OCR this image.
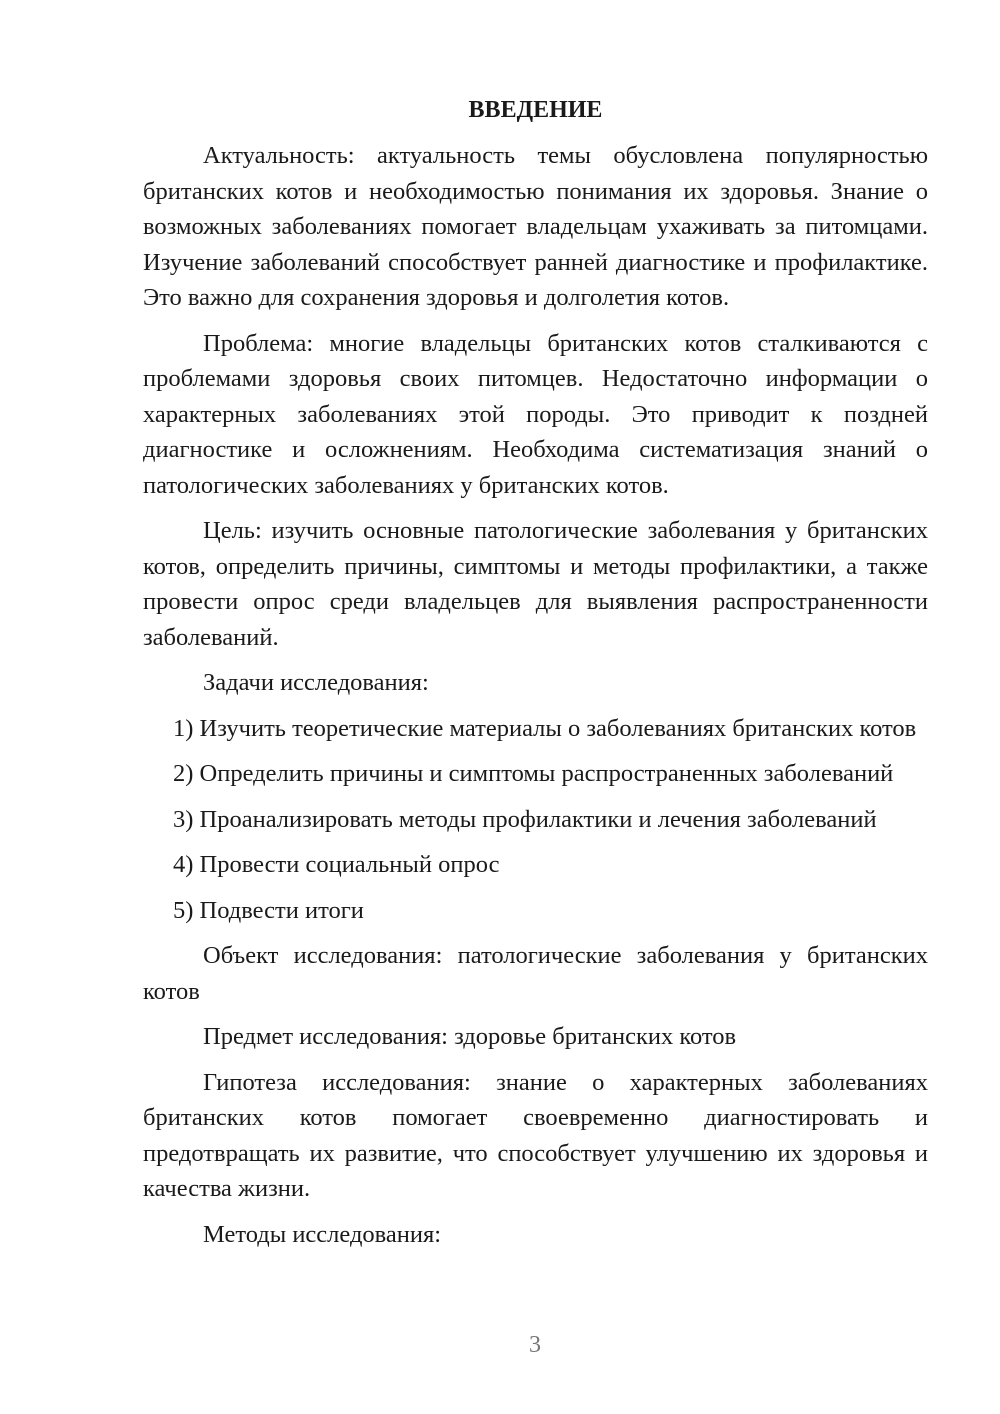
ВВЕДЕНИЕ

Актуальность: актуальность темы обусловлена популярностью британских котов и необходимостью понимания их здоровья. Знание о возможных заболеваниях помогает владельцам ухаживать за питомцами. Изучение заболеваний способствует ранней диагностике и профилактике. Это важно для сохранения здоровья и долголетия котов.

Проблема: многие владельцы британских котов сталкиваются с проблемами здоровья своих питомцев. Недостаточно информации о характерных заболеваниях этой породы. Это приводит к поздней диагностике и осложнениям. Необходима систематизация знаний о патологических заболеваниях у британских котов.

Цель: изучить основные патологические заболевания у британских котов, определить причины, симптомы и методы профилактики, а также провести опрос среди владельцев для выявления распространенности заболеваний.

Задачи исследования:

1) Изучить теоретические материалы о заболеваниях британских котов

2) Определить причины и симптомы распространенных заболеваний

3) Проанализировать методы профилактики и лечения заболеваний

4) Провести социальный опрос

5) Подвести итоги

Объект исследования: патологические заболевания у британских котов

Предмет исследования: здоровье британских котов

Гипотеза исследования: знание о характерных заболеваниях британских котов помогает своевременно диагностировать и предотвращать их развитие, что способствует улучшению их здоровья и качества жизни.

Методы исследования:

3
